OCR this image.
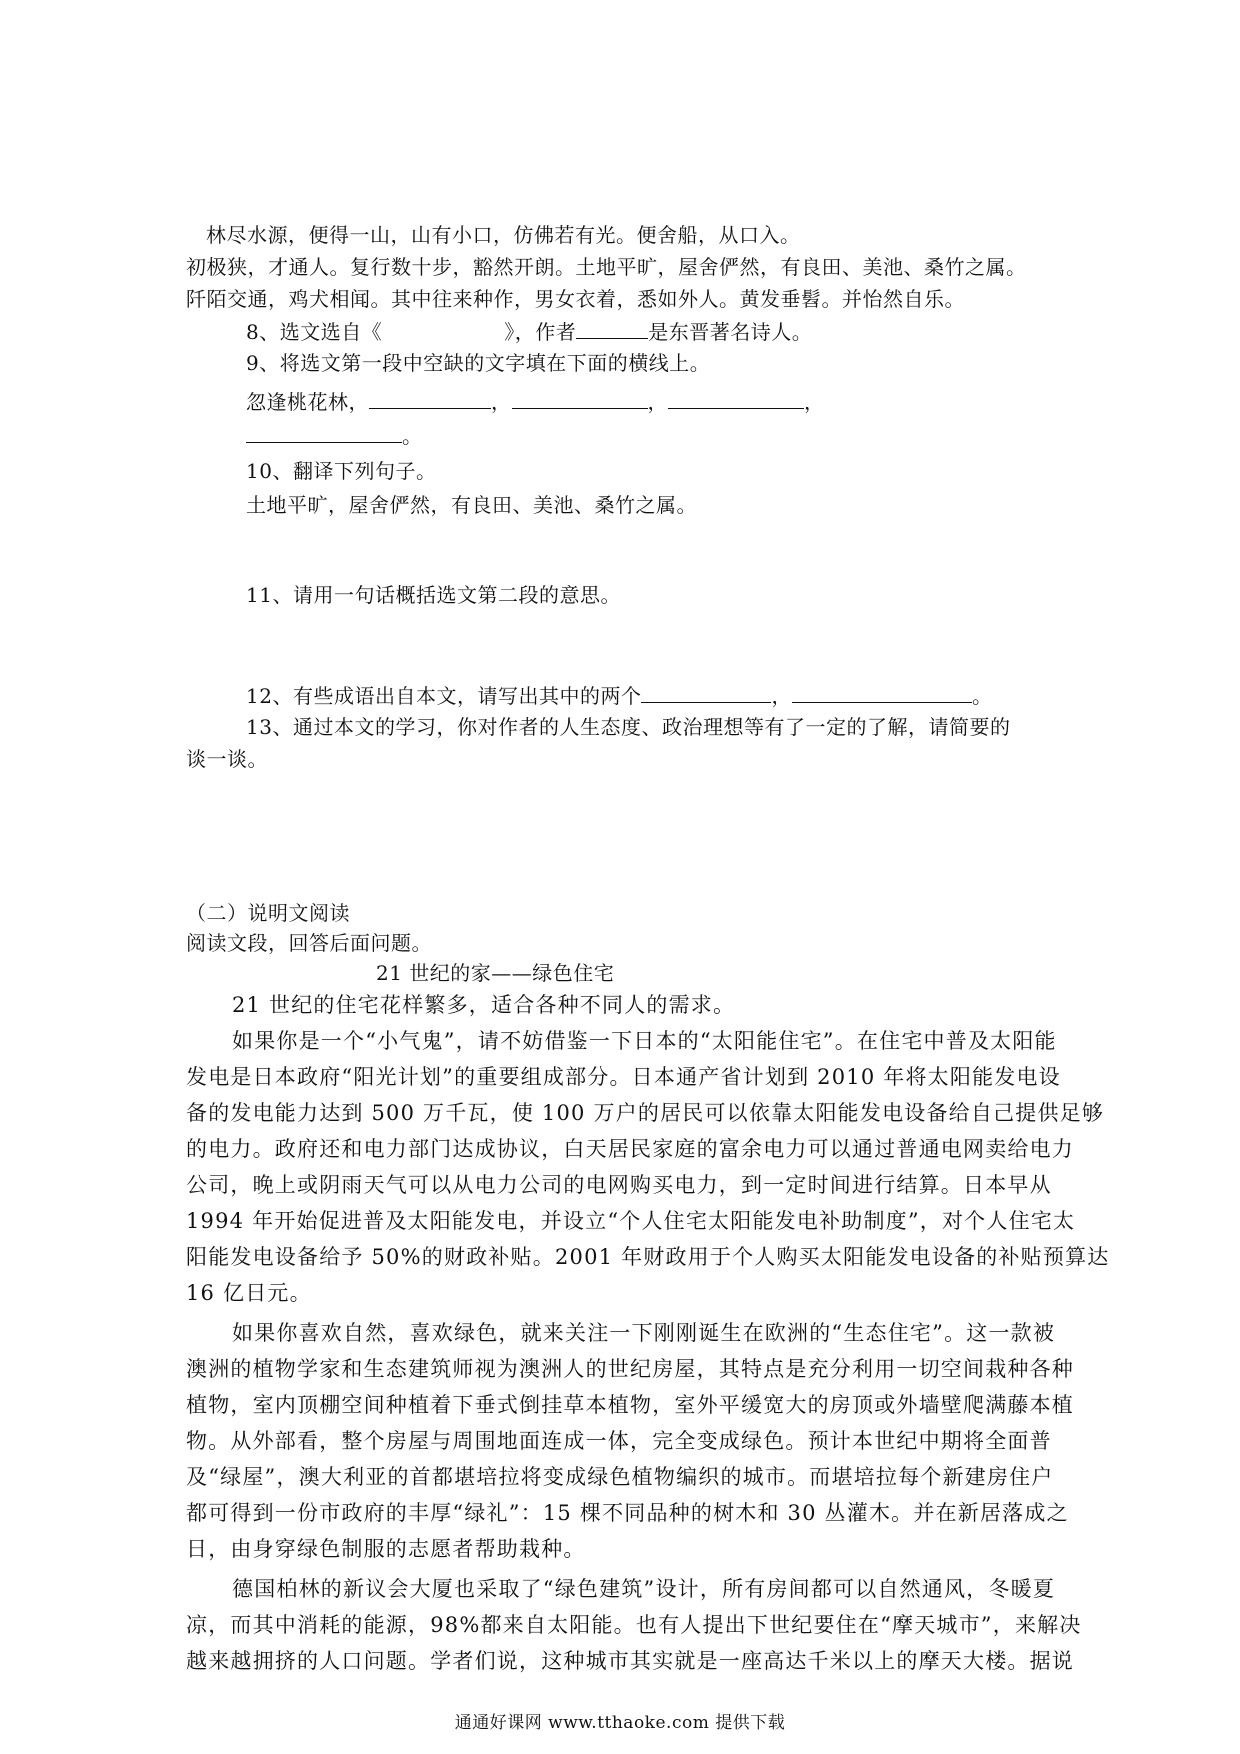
林尽水源，便得一山，山有小口，仿佛若有光。便舍船，从口入。
初极狭，才通人。复行数十步，豁然开朗。土地平旷，屋舍俨然，有良田、美池、桑竹之属。
阡陌交通，鸡犬相闻。其中往来种作，男女衣着，悉如外人。黄发垂髫。并怡然自乐。
8、选文选自《	》，作者	是东晋著名诗人。
9、将选文第一段中空缺的文字填在下面的横线上。
忽逢桃花林，	，	，	，
。
10、翻译下列句子。
土地平旷，屋舍俨然，有良田、美池、桑竹之属。
11、请用一句话概括选文第二段的意思。
12、有些成语出自本文，请写出其中的两个	，	。
13、通过本文的学习，你对作者的人生态度、政治理想等有了一定的了解，请简要的
谈一谈。
（二）说明文阅读
阅读文段，回答后面问题。
21 世纪的家——绿色住宅
21 世纪的住宅花样繁多，适合各种不同人的需求。
如果你是一个“小气鬼”，请不妨借鉴一下日本的“太阳能住宅”。在住宅中普及太阳能
发电是日本政府“阳光计划”的重要组成部分。日本通产省计划到 2010 年将太阳能发电设
备的发电能力达到 500 万千瓦，使 100 万户的居民可以依靠太阳能发电设备给自己提供足够
的电力。政府还和电力部门达成协议，白天居民家庭的富余电力可以通过普通电网卖给电力
公司，晚上或阴雨天气可以从电力公司的电网购买电力，到一定时间进行结算。日本早从
1994 年开始促进普及太阳能发电，并设立“个人住宅太阳能发电补助制度”，对个人住宅太
阳能发电设备给予 50%的财政补贴。2001 年财政用于个人购买太阳能发电设备的补贴预算达
16 亿日元。
如果你喜欢自然，喜欢绿色，就来关注一下刚刚诞生在欧洲的“生态住宅”。这一款被
澳洲的植物学家和生态建筑师视为澳洲人的世纪房屋，其特点是充分利用一切空间栽种各种
植物，室内顶棚空间种植着下垂式倒挂草本植物，室外平缓宽大的房顶或外墙壁爬满藤本植
物。从外部看，整个房屋与周围地面连成一体，完全变成绿色。预计本世纪中期将全面普
及“绿屋”，澳大利亚的首都堪培拉将变成绿色植物编织的城市。而堪培拉每个新建房住户
都可得到一份市政府的丰厚“绿礼”：15 棵不同品种的树木和 30 丛灌木。并在新居落成之
日，由身穿绿色制服的志愿者帮助栽种。
德国柏林的新议会大厦也采取了“绿色建筑”设计，所有房间都可以自然通风，冬暖夏
凉，而其中消耗的能源，98%都来自太阳能。也有人提出下世纪要住在“摩天城市”，来解决
越来越拥挤的人口问题。学者们说，这种城市其实就是一座高达千米以上的摩天大楼。据说
通通好课网 www.tthaoke.com 提供下载
